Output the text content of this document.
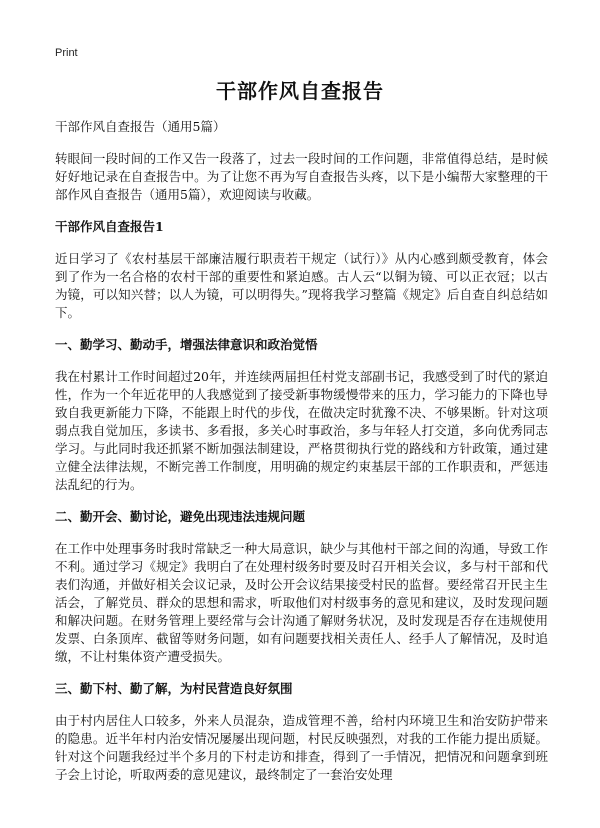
Print
干部作风自查报告

干部作风自查报告（通用5篇）

转眼间一段时间的工作又告一段落了，过去一段时间的工作问题，非常值得总结，是时候好好地记录在自查报告中。为了让您不再为写自查报告头疼，以下是小编帮大家整理的干部作风自查报告（通用5篇），欢迎阅读与收藏。

干部作风自查报告1

近日学习了《农村基层干部廉洁履行职责若干规定（试行）》从内心感到颇受教育，体会到了作为一名合格的农村干部的重要性和紧迫感。古人云“以铜为镜、可以正衣冠；以古为镜，可以知兴替；以人为镜，可以明得失。”现将我学习整篇《规定》后自查自纠总结如下。

一、勤学习、勤动手，增强法律意识和政治觉悟

我在村累计工作时间超过20年，并连续两届担任村党支部副书记，我感受到了时代的紧迫性，作为一个年近花甲的人我感觉到了接受新事物缓慢带来的压力，学习能力的下降也导致自我更新能力下降，不能跟上时代的步伐，在做决定时犹豫不决、不够果断。针对这项弱点我自觉加压，多读书、多看报，多关心时事政治，多与年轻人打交道，多向优秀同志学习。与此同时我还抓紧不断加强法制建设，严格贯彻执行党的路线和方针政策，通过建立健全法律法规，不断完善工作制度，用明确的规定约束基层干部的工作职责和，严惩违法乱纪的行为。

二、勤开会、勤讨论，避免出现违法违规问题

在工作中处理事务时我时常缺乏一种大局意识，缺少与其他村干部之间的沟通，导致工作不利。通过学习《规定》我明白了在处理村级务时要及时召开相关会议，多与村干部和代表们沟通，并做好相关会议记录，及时公开会议结果接受村民的监督。要经常召开民主生活会，了解党员、群众的思想和需求，听取他们对村级事务的意见和建议，及时发现问题和解决问题。在财务管理上要经常与会计沟通了解财务状况，及时发现是否存在违规使用发票、白条顶库、截留等财务问题，如有问题要找相关责任人、经手人了解情况，及时追缴，不让村集体资产遭受损失。

三、勤下村、勤了解，为村民营造良好氛围

由于村内居住人口较多，外来人员混杂，造成管理不善，给村内环境卫生和治安防护带来的隐患。近半年村内治安情况屡屡出现问题，村民反映强烈，对我的工作能力提出质疑。针对这个问题我经过半个多月的下村走访和排查，得到了一手情况，把情况和问题拿到班子会上讨论，听取两委的意见建议，最终制定了一套治安处理
